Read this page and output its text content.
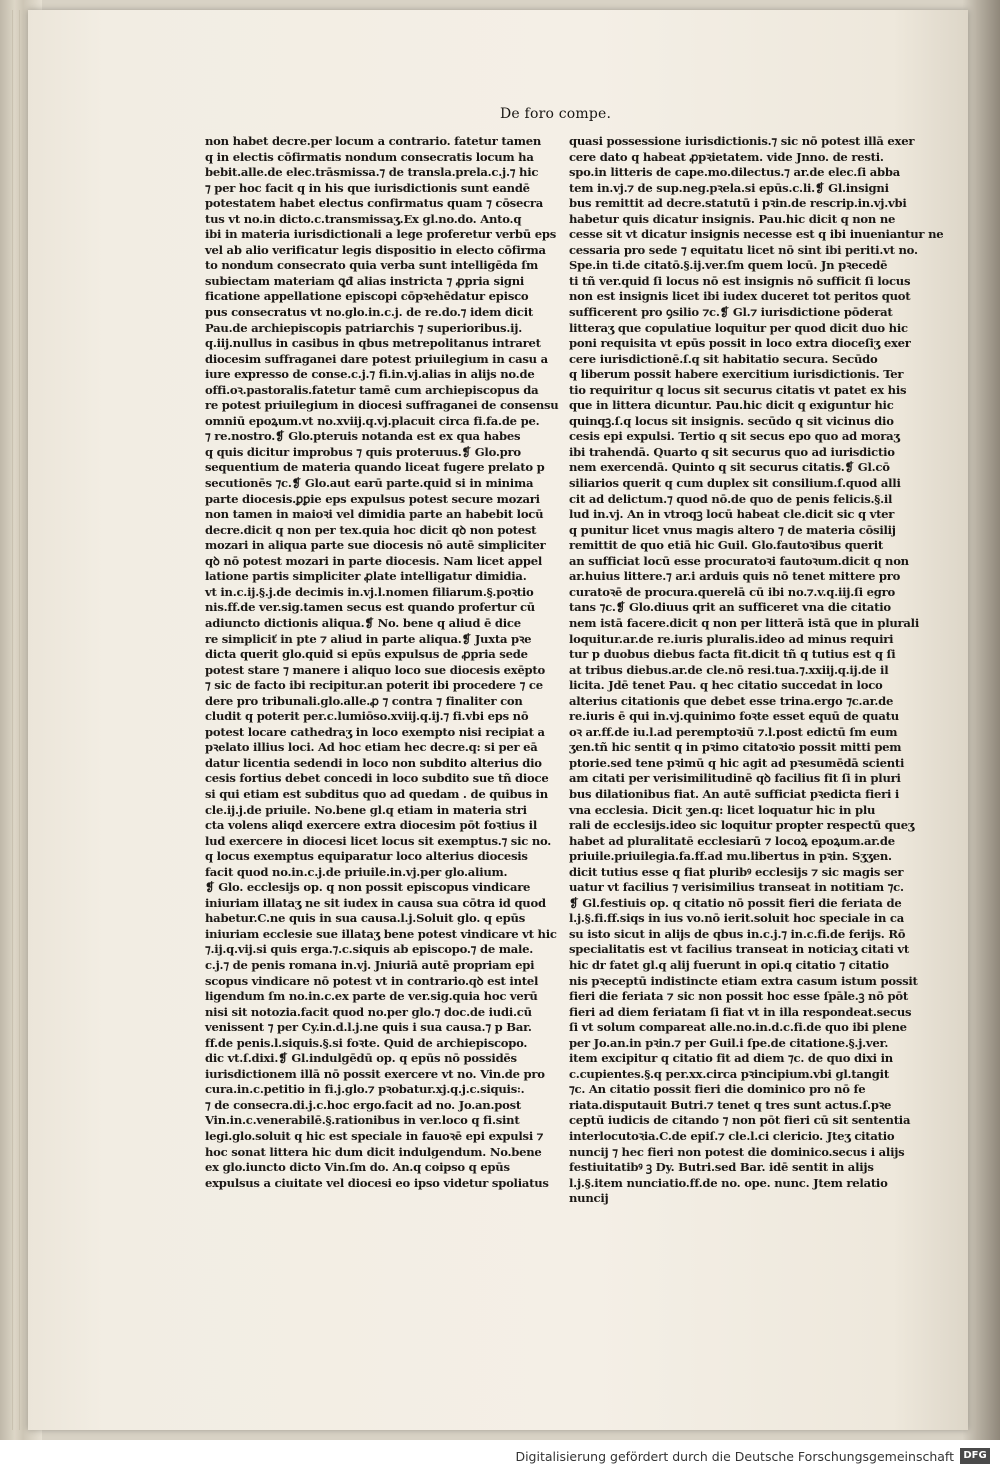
De foro compe.
non habet decre.per locum a contrario. fatetur tamen
q in electis cōfirmatis nondum consecratis locum ha
bebit.alle.de elec.trāsmissa.⁊ de transla.prela.c.j.⁊ hic
⁊ per hoc facit q in his que iurisdictionis sunt eandē
potestatem habet electus confirmatus quam ⁊ cōsecra
tus vt no.in dicto.c.transmissaʒ.Ex gl.no.do. Anto.q
ibi in materia iurisdictionali a lege proferetur verbū eps
vel ab alio verificatur legis dispositio in electo cōfirma
to nondum consecrato quia verba sunt intelligēda ſm
subiectam materiam ꝗđ alias instricta ⁊ ꝓpria signi
ficatione appellatione episcopi cōpꝛehēdatur episco
pus consecratus vt no.glo.in.c.j. de re.do.⁊ idem dicit
Pau.de archiepiscopis patriarchis ⁊ superioribus.ij.
q.iij.nullus in casibus in qbus metrepolitanus intraret
diocesim suffraganei dare potest priuilegium in casu a
iure expresso de conse.c.j.⁊ fi.in.vj.alias in alijs no.de
offi.oꝛ.pastoralis.fatetur tamē cum archiepiscopus da
re potest priuilegium in diocesi suffraganei de consensu
omniū epoꝝum.vt no.xviij.q.vj.placuit circa fi.fa.de pe.
⁊ re.nostro.❡ Glo.pteruis notanda est ex qua habes
q quis dicitur improbus ⁊ quis proteruus.❡ Glo.pro
sequentium de materia quando liceat fugere prelato p
secutionēs ⁊c.❡ Glo.aut earū parte.quid si in minima
parte diocesis.ꝑꝑie eps expulsus potest secure mozari
non tamen in maioꝛi vel dimidia parte an habebit locū
decre.dicit q non per tex.quia hoc dicit qꝺ non potest
mozari in aliqua parte sue diocesis nō autē simpliciter
qꝺ nō potest mozari in parte diocesis. Nam licet appel
latione partis simpliciter ꝓlate intelligatur dimidia.
vt in.c.ij.§.j.de decimis in.vj.l.nomen filiarum.§.poꝛtio
nis.ff.de ver.sig.tamen secus est quando profertur cū
adiuncto dictionis aliqua.❡ No. bene q aliud ē dice
re simpliciť in pte ⁊ aliud in parte aliqua.❡ Juxta pꝛe
dicta querit glo.quid si epūs expulsus de ꝓpria sede
potest stare ⁊ manere i aliquo loco sue diocesis exēpto
⁊ sic de facto ibi recipitur.an poterit ibi procedere ⁊ ce
dere pro tribunali.glo.alle.ꝓ ⁊ contra ⁊ finaliter con
cludit q poterit per.c.lumiōso.xviij.q.ij.⁊ fi.vbi eps nō
potest locare cathedraʒ in loco exempto nisi recipiat a
pꝛelato illius loci. Ad hoc etiam hec decre.q: si per eā
datur licentia sedendi in loco non subdito alterius dio
cesis fortius debet concedi in loco subdito sue tñ dioce
si qui etiam est subditus quo ad quedam . de quibus in
cle.ij.j.de priuile. No.bene gl.q etiam in materia stri
cta volens aliqd exercere extra diocesim pōt foꝛtius il
lud exercere in diocesi licet locus sit exemptus.⁊ sic no.
q locus exemptus equiparatur loco alterius diocesis
facit quod no.in.c.j.de priuile.in.vj.per glo.alium.
❡ Glo. ecclesijs op. q non possit episcopus vindicare
iniuriam illataʒ ne sit iudex in causa sua cōtra id quod
habetur.C.ne quis in sua causa.l.j.Soluit glo. q epūs
iniuriam ecclesie sue illataʒ bene potest vindicare vt hic
⁊.ij.q.vij.si quis erga.⁊.c.siquis ab episcopo.⁊ de male.
c.j.⁊ de penis romana in.vj. Jniuriā autē propriam epi
scopus vindicare nō potest vt in contrario.qꝺ est intel
ligendum ſm no.in.c.ex parte de ver.sig.quia hoc verū
nisi sit notozia.facit quod no.per glo.⁊ doc.de iudi.cū
venissent ⁊ per Cy.in.d.l.j.ne quis i sua causa.⁊ p Bar.
ff.de penis.l.siquis.§.si foꝛte. Quid de archiepiscopo.
dic vt.ſ.dixi.❡ Gl.indulgēdū op. q epūs nō possidēs
iurisdictionem illā nō possit exercere vt no. Vin.de pro
cura.in.c.petitio in fi.j.glo.⁊ pꝛobatur.xj.q.j.c.siquis꞉.
⁊ de consecra.di.j.c.hoc ergo.facit ad no. Jo.an.post
Vin.in.c.venerabilē.§.rationibus in ver.loco q fi.sint
legi.glo.soluit q hic est speciale in fauoꝛē epi expulsi ⁊
hoc sonat littera hic dum dicit indulgendum. No.bene
ex glo.iuncto dicto Vin.ſm do. An.q coipso q epūs
expulsus a ciuitate vel diocesi eo ipso videtur spoliatus
quasi possessione iurisdictionis.⁊ sic nō potest illā exer
cere dato q habeat ꝓpꝛietatem. vide Jnno. de resti.
spo.in litteris de cape.mo.dilectus.⁊ ar.de elec.ſi abba
tem in.vj.⁊ de sup.neg.pꝛela.si epūs.c.li.❡ Gl.insigni
bus remittit ad decre.statutū i pꝛin.de rescrip.in.vj.vbi
habetur quis dicatur insignis. Pau.hic dicit q non ne
cesse sit vt dicatur insignis necesse est q ibi inueniantur ne
cessaria pro sede ⁊ equitatu licet nō sint ibi periti.vt no.
Spe.in ti.de citatō.§.ij.ver.ſm quem locū. Jn pꝛecedē
ti tñ ver.quid ſi locus nō est insignis nō sufficit ſi locus
non est insignis licet ibi iudex duceret tot peritos quot
sufficerent pro ꝯsilio ⁊c.❡ Gl.⁊ iurisdictione pōderat
litteraʒ que copulatiue loquitur per quod dicit duo hic
poni requisita vt epūs possit in loco extra dioceſiʒ exer
cere iurisdictionē.ſ.q sit habitatio secura. Secūdo
q liberum possit habere exercitium iurisdictionis. Ter
tio requiritur q locus sit securus citatis vt patet ex his
que in littera dicuntur. Pau.hic dicit q exiguntur hic
quinqꝫ.ſ.q locus sit insignis. secūdo q sit vicinus dio
cesis epi expulsi. Tertio q sit secus epo quo ad moraʒ
ibi trahendā. Quarto q sit securus quo ad iurisdictio
nem exercendā. Quinto q sit securus citatis.❡ Gl.cō
siliarios querit q cum duplex sit consilium.ſ.quod alli
cit ad delictum.⁊ quod nō.de quo de penis felicis.§.il
lud in.vj. An in vtroqꝫ locū habeat cle.dicit sic q vter
q punitur licet vnus magis altero ⁊ de materia cōsilij
remittit de quo etiā hic Guil. Glo.fautoꝛibus querit
an sufficiat locū esse procuratoꝛi fautoꝛum.dicit q non
ar.huius littere.⁊ ar.i arduis quis nō tenet mittere pro
curatoꝛē de procura.querelā cū ibi no.⁊.v.q.iij.ſi egro
tans ⁊c.❡ Glo.diuus qrit an sufficeret vna die citatio
nem istā facere.dicit q non per litterā istā que in plurali
loquitur.ar.de re.iuris pluralis.ideo ad minus requiri
tur p duobus diebus facta fit.dicit tñ q tutius est q ſi
at tribus diebus.ar.de cle.nō resi.tua.⁊.xxiij.q.ij.de il
licita. Jdē tenet Pau. q hec citatio succedat in loco
alterius citationis que debet esse trina.ergo ⁊c.ar.de
re.iuris ē qui in.vj.quinimo foꝛte esset equū de quatu
oꝛ ar.ff.de iu.l.ad peremptoꝛiū ⁊.l.post edictū ſm eum
ʒen.tñ hic sentit q in pꝛimo citatoꝛio possit mitti pem
ptorie.sed tene pꝛimū q hic agit ad pꝛesumēdā scienti
am citati per verisimilitudinē qꝺ facilius fit ſi in pluri
bus dilationibus fiat. An autē sufficiat pꝛedicta fieri i
vna ecclesia. Dicit ʒen.q: licet loquatur hic in plu
rali de ecclesijs.ideo sic loquitur propter respectū queʒ
habet ad pluralitatē ecclesiarū ⁊ locoꝝ epoꝝum.ar.de
priuile.priuilegia.fa.ff.ad mu.libertus in pꝛin. Sʒʒen.
dicit tutius esse q fiat pluribꝰ ecclesijs ⁊ sic magis ser
uatur vt facilius ⁊ verisimilius transeat in notitiam ⁊c.
❡ Gl.festiuis op. q citatio nō possit fieri die feriata de
l.j.§.fi.ff.siqs in ius vo.nō ierit.soluit hoc speciale in ca
su isto sicut in alijs de qbus in.c.j.⁊ in.c.fi.de ferijs. Rō
specialitatis est vt facilius transeat in noticiaʒ citati vt
hic dr fatet gl.q alij fuerunt in opi.q citatio ⁊ citatio
nis pꝛeceptū indistincte etiam extra casum istum possit
fieri die feriata ⁊ sic non possit hoc esse ſpāle.ꝫ nō pōt
fieri ad diem feriatam ſi fiat vt in illa respondeat.secus
ſi vt solum compareat alle.no.in.d.c.fi.de quo ibi plene
per Jo.an.in pꝛin.⁊ per Guil.i ſpe.de citatione.§.j.ver.
item excipitur q citatio fit ad diem ⁊c. de quo dixi in
c.cupientes.§.q per.xx.circa pꝛincipium.vbi gl.tangit
⁊c. An citatio possit fieri die dominico pro nō fe
riata.disputauit Butri.⁊ tenet q tres sunt actus.ſ.pꝛe
ceptū iudicis de citando ⁊ non pōt fieri cū sit sententia
interlocutoꝛia.C.de epiſ.⁊ cle.l.ci clericio. Jteʒ citatio
nuncij ⁊ hec fieri non potest die dominico.secus i alijs
festiuitatibꝰ ꝫ Dy. Butri.sed Bar. idē sentit in alijs
l.j.§.item nunciatio.ff.de no. ope. nunc. Jtem relatio
nuncij
Digitalisierung gefördert durch die Deutsche Forschungsgemeinschaft DFG
